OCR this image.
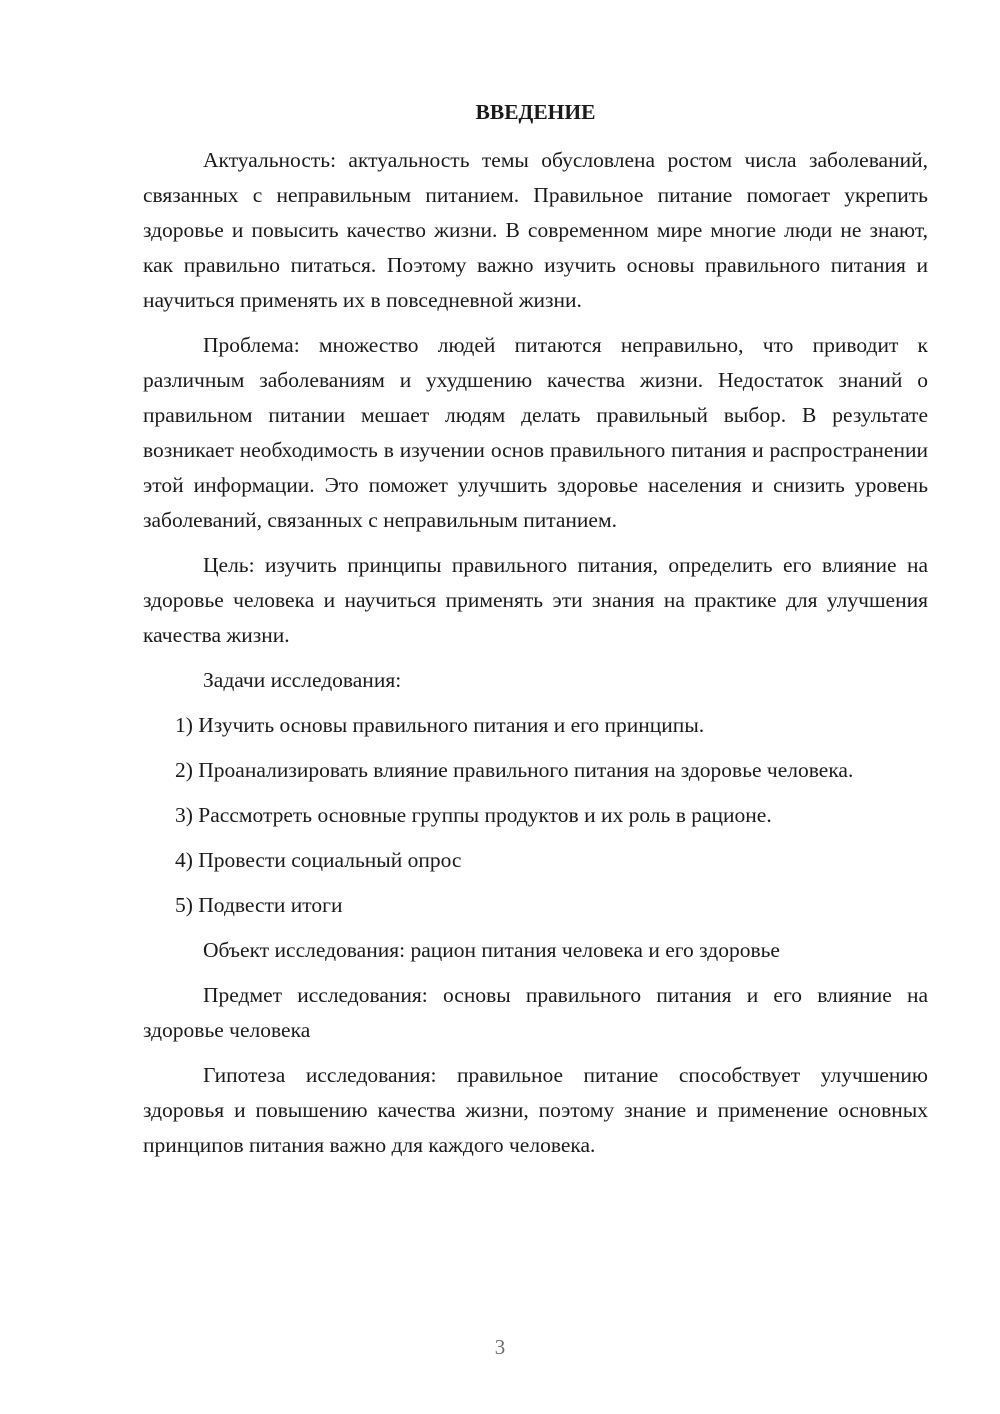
ВВЕДЕНИЕ

Актуальность: актуальность темы обусловлена ростом числа заболеваний, связанных с неправильным питанием. Правильное питание помогает укрепить здоровье и повысить качество жизни. В современном мире многие люди не знают, как правильно питаться. Поэтому важно изучить основы правильного питания и научиться применять их в повседневной жизни.

Проблема: множество людей питаются неправильно, что приводит к различным заболеваниям и ухудшению качества жизни. Недостаток знаний о правильном питании мешает людям делать правильный выбор. В результате возникает необходимость в изучении основ правильного питания и распространении этой информации. Это поможет улучшить здоровье населения и снизить уровень заболеваний, связанных с неправильным питанием.

Цель: изучить принципы правильного питания, определить его влияние на здоровье человека и научиться применять эти знания на практике для улучшения качества жизни.

Задачи исследования:

1) Изучить основы правильного питания и его принципы.

2) Проанализировать влияние правильного питания на здоровье человека.

3) Рассмотреть основные группы продуктов и их роль в рационе.

4) Провести социальный опрос

5) Подвести итоги

Объект исследования: рацион питания человека и его здоровье

Предмет исследования: основы правильного питания и его влияние на здоровье человека

Гипотеза исследования: правильное питание способствует улучшению здоровья и повышению качества жизни, поэтому знание и применение основных принципов питания важно для каждого человека.

3
